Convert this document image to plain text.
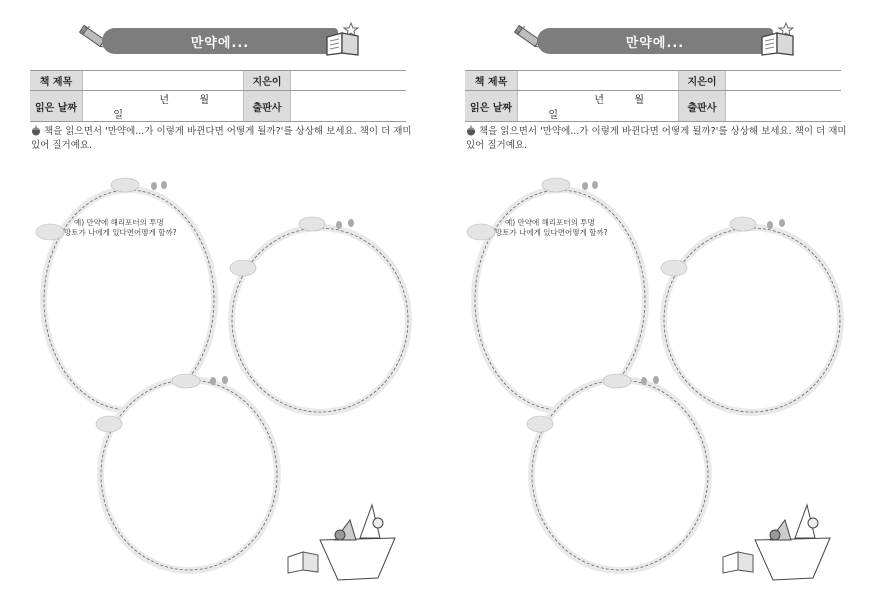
만약에...
책 제목		지은이	
읽은 날짜	년 월일	출판사	
책을 읽으면서 '만약에...가 이렇게 바뀐다면 어떻게 될까?'를 상상해 보세요. 책이 더 재미있어 질거예요.
예) 만약에 해리포터의 투명
망토가 나에게 있다면어떻게 할까?
만약에...
책 제목		지은이	
읽은 날짜	년 월일	출판사	
책을 읽으면서 '만약에...가 이렇게 바뀐다면 어떻게 될까?'를 상상해 보세요. 책이 더 재미있어 질거예요.
예) 만약에 해리포터의 투명
망토가 나에게 있다면어떻게 할까?
